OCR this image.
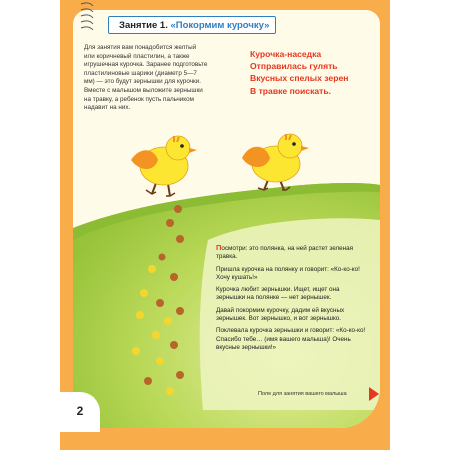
Занятие 1. «Покормим курочку»
Для занятия вам понадобится желтый или коричневый пластилин, а также игрушечная курочка. Заранее подготовьте пластилиновые шарики (диаметр 5—7 мм) — это будут зернышки для курочки. Вместе с малышом выложите зернышки на травку, а ребенок пусть пальчиком надавит на них.
Курочка-наседка
Отправилась гулять
Вкусных спелых зерен
В травке поискать.

Посмотри: это полянка, на ней растет зеленая травка.

Пришла курочка на полянку и говорит: «Ко-ко-ко! Хочу кушать!»

Курочка любит зернышки. Ищет, ищет она зернышки на полянке — нет зернышек.

Давай покормим курочку, дадим ей вкусных зернышек. Вот зернышко, и вот зернышко.

Поклевала курочка зернышки и говорит: «Ко-ко-ко! Спасибо тебе… (имя вашего малыша)! Очень вкусные зернышки!»

Поле для занятия вашего малыша
2
